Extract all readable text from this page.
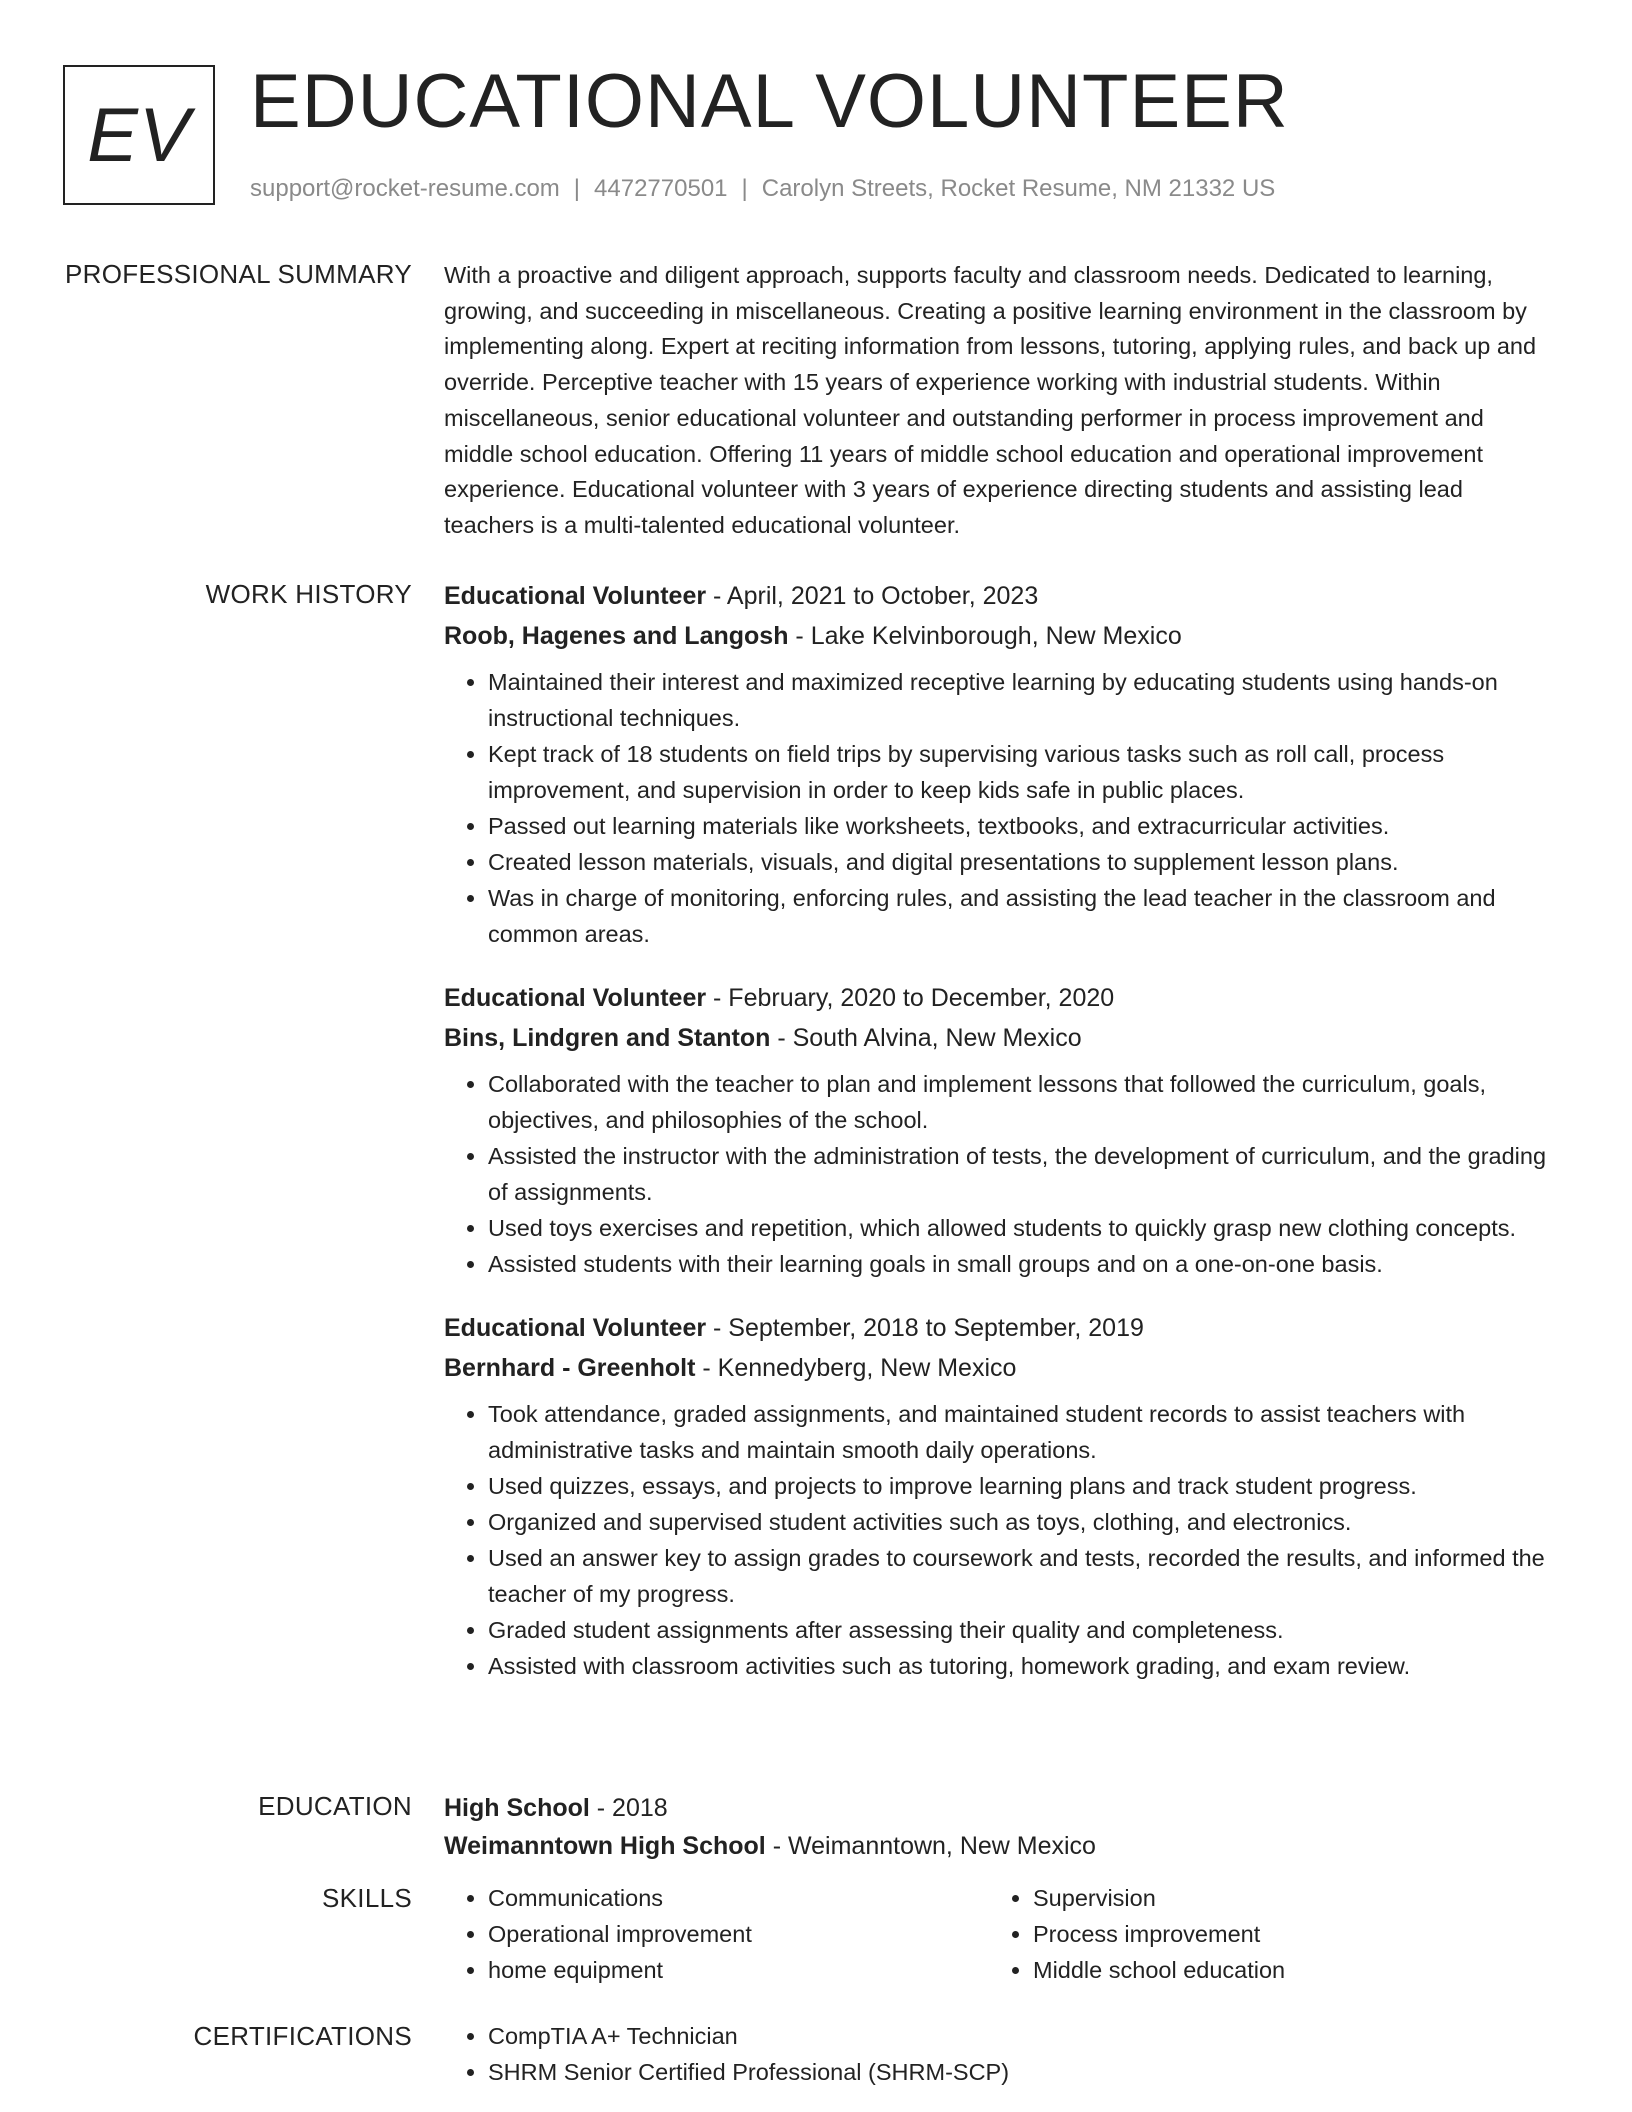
EV EDUCATIONAL VOLUNTEER
support@rocket-resume.com | 4472770501 | Carolyn Streets, Rocket Resume, NM 21332 US
PROFESSIONAL SUMMARY With a proactive and diligent approach, supports faculty and classroom needs. Dedicated to learning, growing, and succeeding in miscellaneous. Creating a positive learning environment in the classroom by implementing along. Expert at reciting information from lessons, tutoring, applying rules, and back up and override. Perceptive teacher with 15 years of experience working with industrial students. Within miscellaneous, senior educational volunteer and outstanding performer in process improvement and middle school education. Offering 11 years of middle school education and operational improvement experience. Educational volunteer with 3 years of experience directing students and assisting lead teachers is a multi-talented educational volunteer.

WORK HISTORY Educational Volunteer - April, 2021 to October, 2023

Roob, Hagenes and Langosh - Lake Kelvinborough, New Mexico

• Maintained their interest and maximized receptive learning by educating students using hands-on instructional techniques.
• Kept track of 18 students on field trips by supervising various tasks such as roll call, process improvement, and supervision in order to keep kids safe in public places.
• Passed out learning materials like worksheets, textbooks, and extracurricular activities.
• Created lesson materials, visuals, and digital presentations to supplement lesson plans.
• Was in charge of monitoring, enforcing rules, and assisting the lead teacher in the classroom and common areas.

Educational Volunteer - February, 2020 to December, 2020

Bins, Lindgren and Stanton - South Alvina, New Mexico

• Collaborated with the teacher to plan and implement lessons that followed the curriculum, goals, objectives, and philosophies of the school.
• Assisted the instructor with the administration of tests, the development of curriculum, and the grading of assignments.
• Used toys exercises and repetition, which allowed students to quickly grasp new clothing concepts.
• Assisted students with their learning goals in small groups and on a one-on-one basis.

Educational Volunteer - September, 2018 to September, 2019

Bernhard - Greenholt - Kennedyberg, New Mexico

• Took attendance, graded assignments, and maintained student records to assist teachers with administrative tasks and maintain smooth daily operations.
• Used quizzes, essays, and projects to improve learning plans and track student progress.
• Organized and supervised student activities such as toys, clothing, and electronics.
• Used an answer key to assign grades to coursework and tests, recorded the results, and informed the teacher of my progress.
• Graded student assignments after assessing their quality and completeness.
• Assisted with classroom activities such as tutoring, homework grading, and exam review.
EDUCATION High School - 2018

Weimanntown High School - Weimanntown, New Mexico

SKILLS	• Communications
• Operational improvement
• home equipment
• Supervision
• Process improvement
• Middle school education
CERTIFICATIONS	• CompTIA A+ Technician
• SHRM Senior Certified Professional (SHRM-SCP)
